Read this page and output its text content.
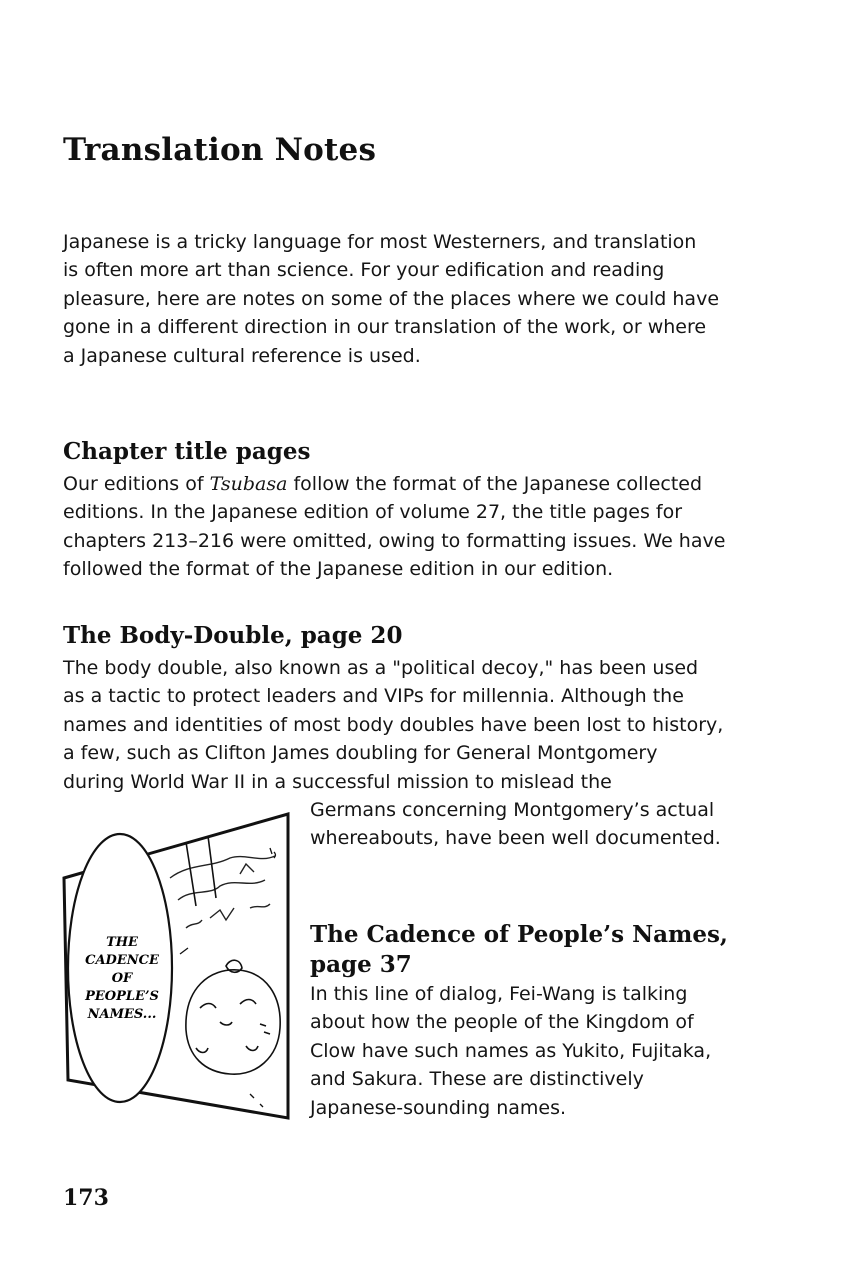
Translation Notes

Japanese is a tricky language for most Westerners, and translation
is often more art than science. For your edification and reading
pleasure, here are notes on some of the places where we could have
gone in a different direction in our translation of the work, or where
a Japanese cultural reference is used.

Chapter title pages

Our editions of Tsubasa follow the format of the Japanese collected
editions. In the Japanese edition of volume 27, the title pages for
chapters 213–216 were omitted, owing to formatting issues. We have
followed the format of the Japanese edition in our edition.

The Body-Double, page 20

The body double, also known as a "political decoy," has been used
as a tactic to protect leaders and VIPs for millennia. Although the
names and identities of most body doubles have been lost to history,
a few, such as Clifton James doubling for General Montgomery
during World War II in a successful mission to mislead the

Germans concerning Montgomery’s actual
whereabouts, have been well documented.

The Cadence of People’s Names,
page 37

In this line of dialog, Fei-Wang is talking
about how the people of the Kingdom of
Clow have such names as Yukito, Fujitaka,
and Sakura. These are distinctively
Japanese-sounding names.

THE
CADENCE
OF
PEOPLE’S
NAMES...
173
